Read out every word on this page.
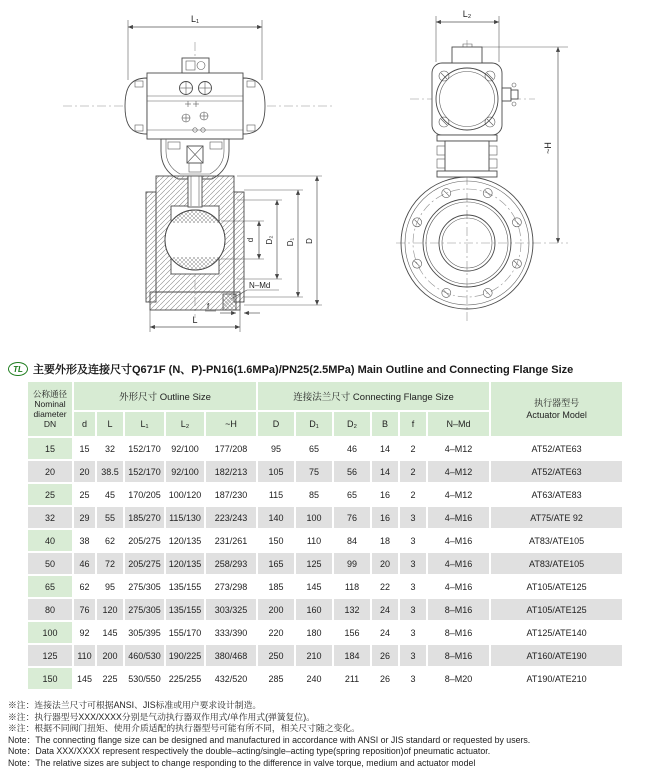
L₁
d D₂ D₁ D
N–Md
f
L
L₂
~H
TL 主要外形及连接尺寸Q671F (N、P)-PN16(1.6MPa)/PN25(2.5MPa) Main Outline and Connecting Flange Size
公称通径
Nominal
diameter
DN	外形尺寸 Outline Size					连接法兰尺寸 Connecting Flange Size						执行器型号
Actuator Model

	d	L	L₁	L₂	~H	D	D₁	D₂	B	f	N–Md	
15	15	32	152/170	92/100	177/208	95	65	46	14	2	4–M12	AT52/ATE63
20	20	38.5	152/170	92/100	182/213	105	75	56	14	2	4–M12	AT52/ATE63
25	25	45	170/205	100/120	187/230	115	85	65	16	2	4–M12	AT63/ATE83
32	29	55	185/270	115/130	223/243	140	100	76	16	3	4–M16	AT75/ATE 92
40	38	62	205/275	120/135	231/261	150	110	84	18	3	4–M16	AT83/ATE105
50	46	72	205/275	120/135	258/293	165	125	99	20	3	4–M16	AT83/ATE105
65	62	95	275/305	135/155	273/298	185	145	118	22	3	4–M16	AT105/ATE125
80	76	120	275/305	135/155	303/325	200	160	132	24	3	8–M16	AT105/ATE125
100	92	145	305/395	155/170	333/390	220	180	156	24	3	8–M16	AT125/ATE140
125	110	200	460/530	190/225	380/468	250	210	184	26	3	8–M16	AT160/ATE190
150	145	225	530/550	225/255	432/520	285	240	211	26	3	8–M20	AT190/ATE210

※注：连接法兰尺寸可根据ANSI、JIS标准或用户要求设计制造。

※注：执行器型号XXX/XXXX分别是气动执行器双作用式/单作用式(弹簧复位)。

※注：根据不同阀门扭矩、使用介质适配的执行器型号可能有所不同，相关尺寸随之变化。

Note：The connecting flange size can be designed and manufactured in accordance with ANSI or JIS standard or requested by users.

Note：Data XXX/XXXX represent respectively the double–acting/single–acting type(spring reposition)of pneumatic actuator.

Note：The relative sizes are subject to change responding to the difference in valve torque, medium and actuator model
